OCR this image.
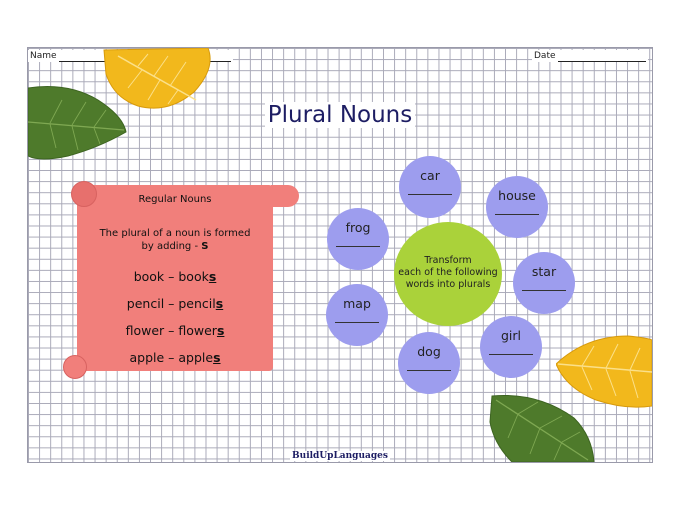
Name	Date
Plural Nouns
Regular Nouns
The plural of a noun is formed
by adding - S
book – books
pencil – pencils
flower – flowers
apple – apples
Transform
each of the following
words into plurals
car
house
star
girl
dog
map
frog
BuildUpLanguages
